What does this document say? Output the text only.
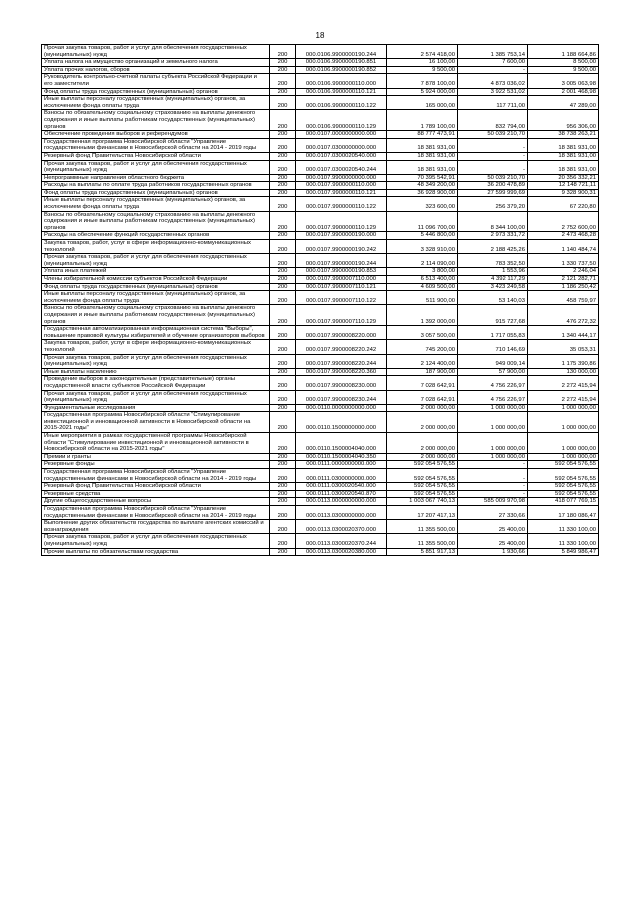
18
Прочая закупка товаров, работ и услуг для обеспечения государственных (муниципальных) нужд	200	000.0106.9900000190.244	2 574 418,00	1 385 753,14	1 188 664,86
Уплата налога на имущество организаций и земельного налога	200	000.0106.9900000190.851	16 100,00	7 600,00	8 500,00
Уплата прочих налогов, сборов	200	000.0106.9900000190.852	9 500,00	-	9 500,00
Руководитель контрольно-счетной палаты субъекта Российской Федерации и его заместители	200	000.0106.9900000110.000	7 878 100,00	4 873 036,02	3 005 063,98
Фонд оплаты труда государственных (муниципальных) органов	200	000.0106.9900000110.121	5 924 000,00	3 922 531,02	2 001 468,98
Иные выплаты персоналу государственных (муниципальных) органов, за исключением фонда оплаты труда	200	000.0106.9900000110.122	165 000,00	117 711,00	47 289,00
Взносы по обязательному социальному страхованию на выплаты денежного содержания и иные выплаты работникам государственных (муниципальных) органов	200	000.0106.9900000110.129	1 789 100,00	832 794,00	956 306,00
Обеспечение проведения выборов и референдумов	200	000.0107.0000000000.000	88 777 473,91	50 039 210,70	38 738 263,21
Государственная программа Новосибирской области "Управление государственными финансами в Новосибирской области на 2014 - 2019 годы	200	000.0107.0300000000.000	18 381 931,00	-	18 381 931,00
Резервный фонд Правительства Новосибирской области	200	000.0107.0300020540.000	18 381 931,00	-	18 381 931,00
Прочая закупка товаров, работ и услуг для обеспечения государственных (муниципальных) нужд	200	000.0107.0300020540.244	18 381 931,00	-	18 381 931,00
Непрограммные направления областного бюджета	200	000.0107.9900000000.000	70 395 542,91	50 039 210,70	20 356 332,21
Расходы на выплаты по оплате труда работников государственных органов	200	000.0107.9900000110.000	48 349 200,00	36 200 478,89	12 148 721,11
Фонд оплаты труда государственных (муниципальных) органов	200	000.0107.9900000110.121	36 928 900,00	27 599 999,69	9 328 900,31
Иные выплаты персоналу государственных (муниципальных) органов, за исключением фонда оплаты труда	200	000.0107.9900000110.122	323 600,00	256 379,20	67 220,80
Взносы по обязательному социальному страхованию на выплаты денежного содержания и иные выплаты работникам государственных (муниципальных) органов	200	000.0107.9900000110.129	11 096 700,00	8 344 100,00	2 752 600,00
Расходы на обеспечение функций государственных органов	200	000.0107.9900000190.000	5 446 800,00	2 973 331,72	2 473 468,28
Закупка товаров, работ, услуг в сфере информационно-коммуникационных технологий	200	000.0107.9900000190.242	3 328 910,00	2 188 425,26	1 140 484,74
Прочая закупка товаров, работ и услуг для обеспечения государственных (муниципальных) нужд	200	000.0107.9900000190.244	2 114 090,00	783 352,50	1 330 737,50
Уплата иных платежей	200	000.0107.9900000190.853	3 800,00	1 553,96	2 246,04
Члены избирательной комиссии субъектов Российской Федерации	200	000.0107.9900007110.000	6 513 400,00	4 392 117,29	2 121 282,71
Фонд оплаты труда государственных (муниципальных) органов	200	000.0107.9900007110.121	4 609 500,00	3 423 249,58	1 186 250,42
Иные выплаты персоналу государственных (муниципальных) органов, за исключением фонда оплаты труда	200	000.0107.9900007110.122	511 900,00	53 140,03	458 759,97
Взносы по обязательному социальному страхованию на выплаты денежного содержания и иные выплаты работникам государственных (муниципальных) органов	200	000.0107.9900007110.129	1 392 000,00	915 727,68	476 272,32
Государственная автоматизированная информационная система "Выборы", повышение правовой культуры избирателей и обучение организаторов выборов	200	000.0107.9900008220.000	3 057 500,00	1 717 055,83	1 340 444,17
Закупка товаров, работ, услуг в сфере информационно-коммуникационных технологий	200	000.0107.9900008220.242	745 200,00	710 146,69	35 053,31
Прочая закупка товаров, работ и услуг для обеспечения государственных (муниципальных) нужд	200	000.0107.9900008220.244	2 124 400,00	949 009,14	1 175 390,86
Иные выплаты населению	200	000.0107.9900008220.360	187 900,00	57 900,00	130 000,00
Проведение выборов в законодательные (представительные) органы государственной власти субъектов Российской Федерации	200	000.0107.9900008230.000	7 028 642,91	4 756 226,97	2 272 415,94
Прочая закупка товаров, работ и услуг для обеспечения государственных (муниципальных) нужд	200	000.0107.9900008230.244	7 028 642,91	4 756 226,97	2 272 415,94
Фундаментальные исследования	200	000.0110.0000000000.000	2 000 000,00	1 000 000,00	1 000 000,00
Государственная программа Новосибирской области "Стимулирование инвестиционной и инновационной активности в Новосибирской области на 2015-2021 годы"	200	000.0110.1500000000.000	2 000 000,00	1 000 000,00	1 000 000,00
Иные мероприятия в рамках государственной программы Новосибирской области "Стимулирование инвестиционной и инновационной активности в Новосибирской области на 2015-2021 годы"	200	000.0110.1500004040.000	2 000 000,00	1 000 000,00	1 000 000,00
Премии и гранты	200	000.0110.1500004040.350	2 000 000,00	1 000 000,00	1 000 000,00
Резервные фонды	200	000.0111.0000000000.000	592 054 576,55	-	592 054 576,55
Государственная программа Новосибирской области "Управление государственными финансами в Новосибирской области на 2014 - 2019 годы	200	000.0111.0300000000.000	592 054 576,55	-	592 054 576,55
Резервный фонд Правительства Новосибирской области	200	000.0111.0300020540.000	592 054 576,55	-	592 054 576,55
Резервные средства	200	000.0111.0300020540.870	592 054 576,55	-	592 054 576,55
Другие общегосударственные вопросы	200	000.0113.0000000000.000	1 003 067 740,13	585 009 970,98	418 077 769,15
Государственная программа Новосибирской области "Управление государственными финансами в Новосибирской области на 2014 - 2019 годы	200	000.0113.0300000000.000	17 207 417,13	27 330,66	17 180 086,47
Выполнение других обязательств государства по выплате агентских комиссий и вознаграждения	200	000.0113.0300020370.000	11 355 500,00	25 400,00	11 330 100,00
Прочая закупка товаров, работ и услуг для обеспечения государственных (муниципальных) нужд	200	000.0113.0300020370.244	11 355 500,00	25 400,00	11 330 100,00
Прочие выплаты по обязательствам государства	200	000.0113.0300020380.000	5 851 917,13	1 930,66	5 849 986,47
